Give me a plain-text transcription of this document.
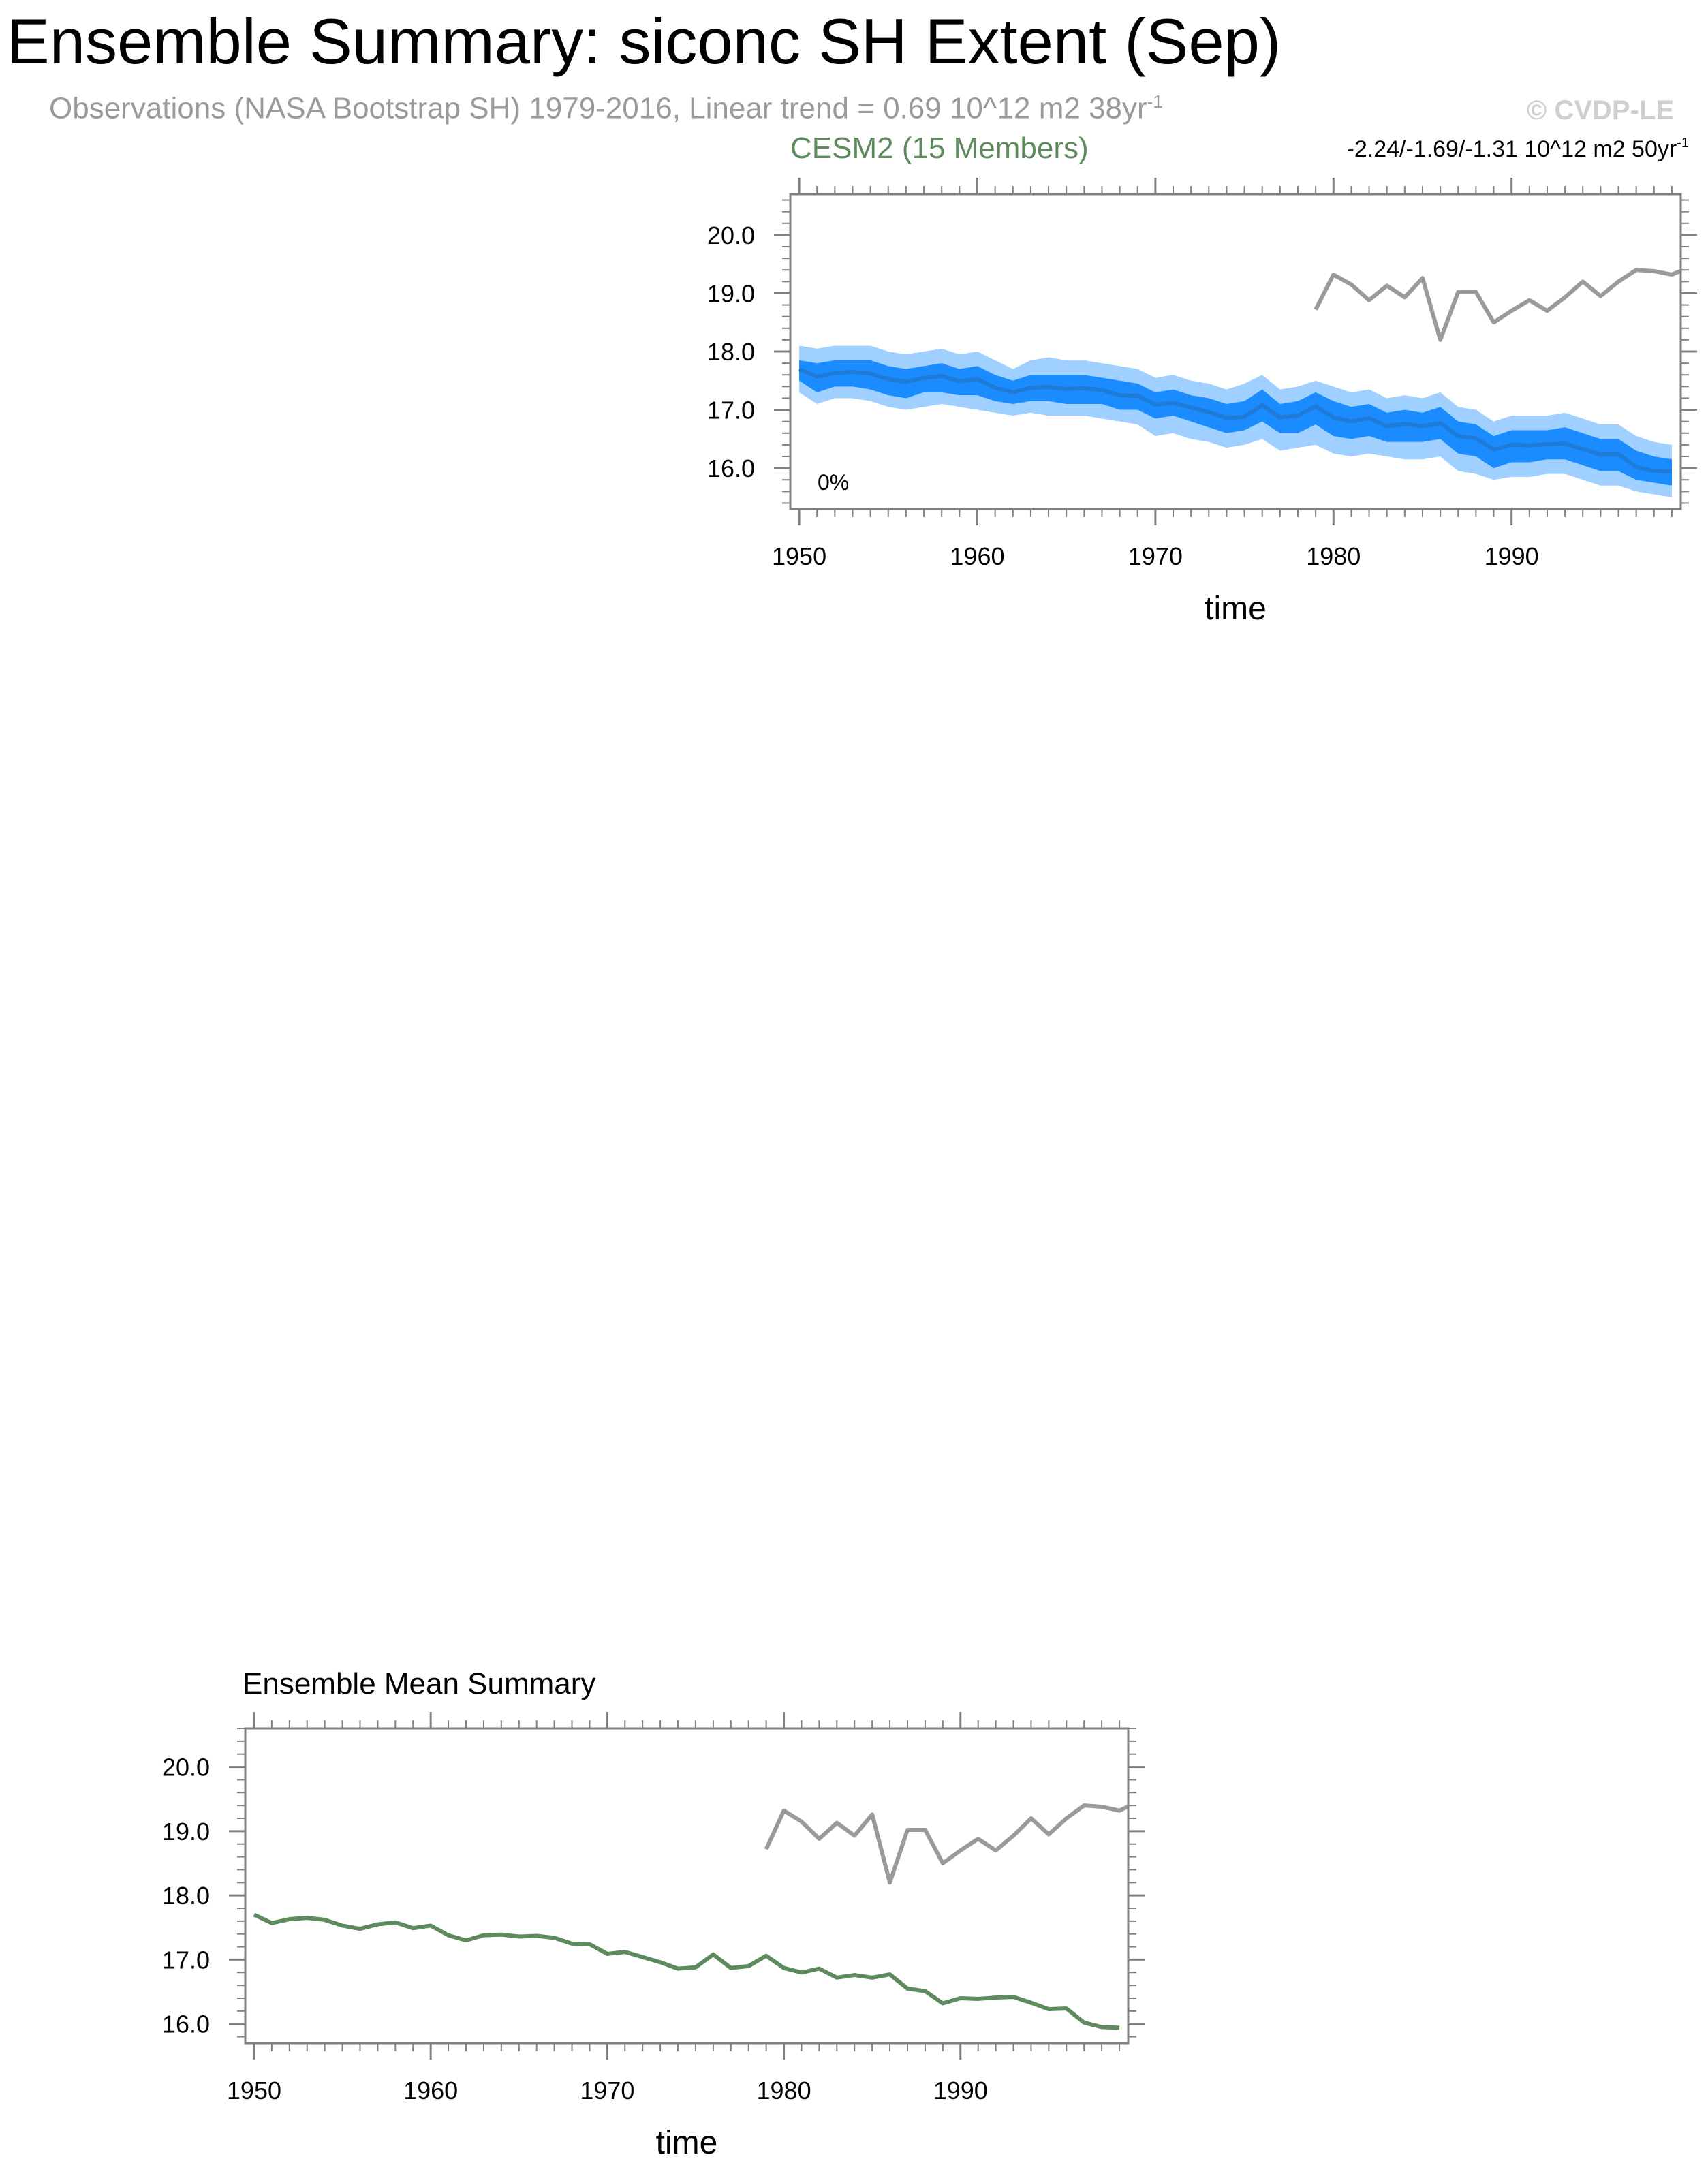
Ensemble Summary: siconc SH Extent (Sep)
Observations (NASA Bootstrap SH) 1979-2016, Linear trend = 0.69 10^12 m2 $38yr^{-1}$	© CVDP-LE
CESM2 (15 Members)	-2.24/-1.69/-1.31 10^12 m2 $50yr^{-1}$
1950	1960	1970	1980	1990
16.0
17.0
18.0
19.0
20.0
time
0%
Ensemble Mean Summary
1950	1960	1970	1980	1990
16.0
17.0
18.0
19.0
20.0
time
